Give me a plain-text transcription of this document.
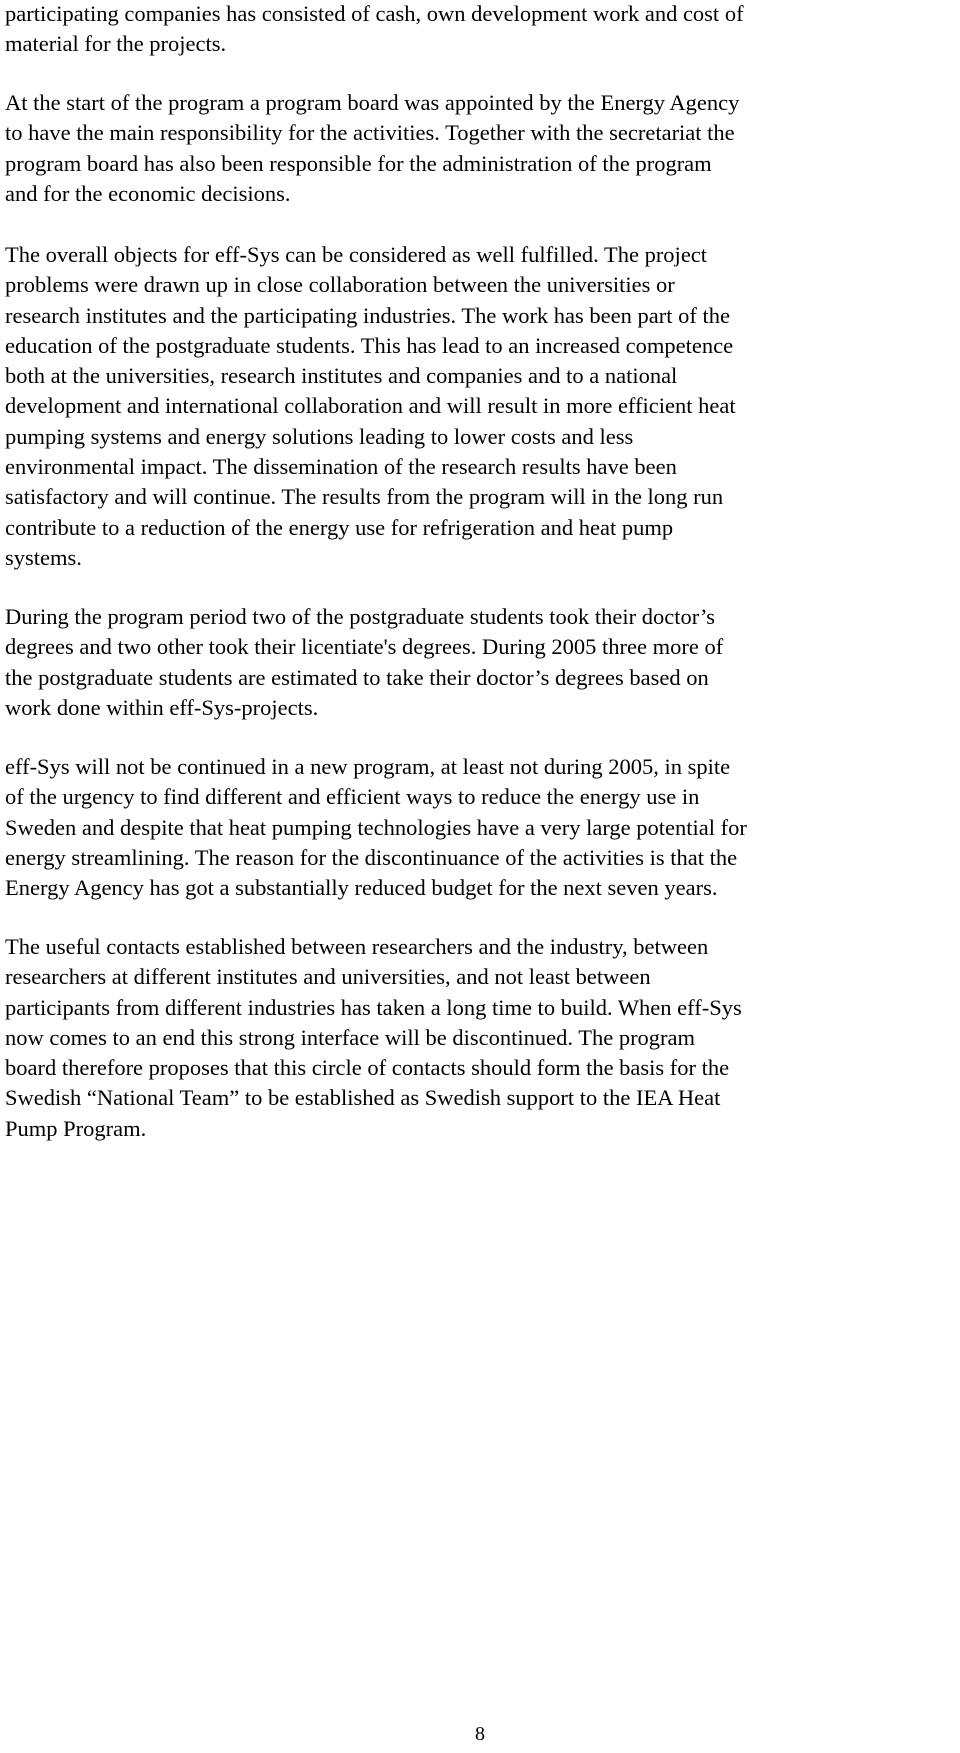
participating companies has consisted of cash, own development work and cost of
material for the projects.

At the start of the program a program board was appointed by the Energy Agency
to have the main responsibility for the activities. Together with the secretariat the
program board has also been responsible for the administration of the program
and for the economic decisions.

The overall objects for eff-Sys can be considered as well fulfilled. The project
problems were drawn up in close collaboration between the universities or
research institutes and the participating industries. The work has been part of the
education of the postgraduate students. This has lead to an increased competence
both at the universities, research institutes and companies and to a national
development and international collaboration and will result in more efficient heat
pumping systems and energy solutions leading to lower costs and less
environmental impact. The dissemination of the research results have been
satisfactory and will continue. The results from the program will in the long run
contribute to a reduction of the energy use for refrigeration and heat pump
systems.

During the program period two of the postgraduate students took their doctor’s
degrees and two other took their licentiate's degrees. During 2005 three more of
the postgraduate students are estimated to take their doctor’s degrees based on
work done within eff-Sys-projects.

eff-Sys will not be continued in a new program, at least not during 2005, in spite
of the urgency to find different and efficient ways to reduce the energy use in
Sweden and despite that heat pumping technologies have a very large potential for
energy streamlining. The reason for the discontinuance of the activities is that the
Energy Agency has got a substantially reduced budget for the next seven years.

The useful contacts established between researchers and the industry, between
researchers at different institutes and universities, and not least between
participants from different industries has taken a long time to build. When eff-Sys
now comes to an end this strong interface will be discontinued. The program
board therefore proposes that this circle of contacts should form the basis for the
Swedish “National Team” to be established as Swedish support to the IEA Heat
Pump Program.

8
